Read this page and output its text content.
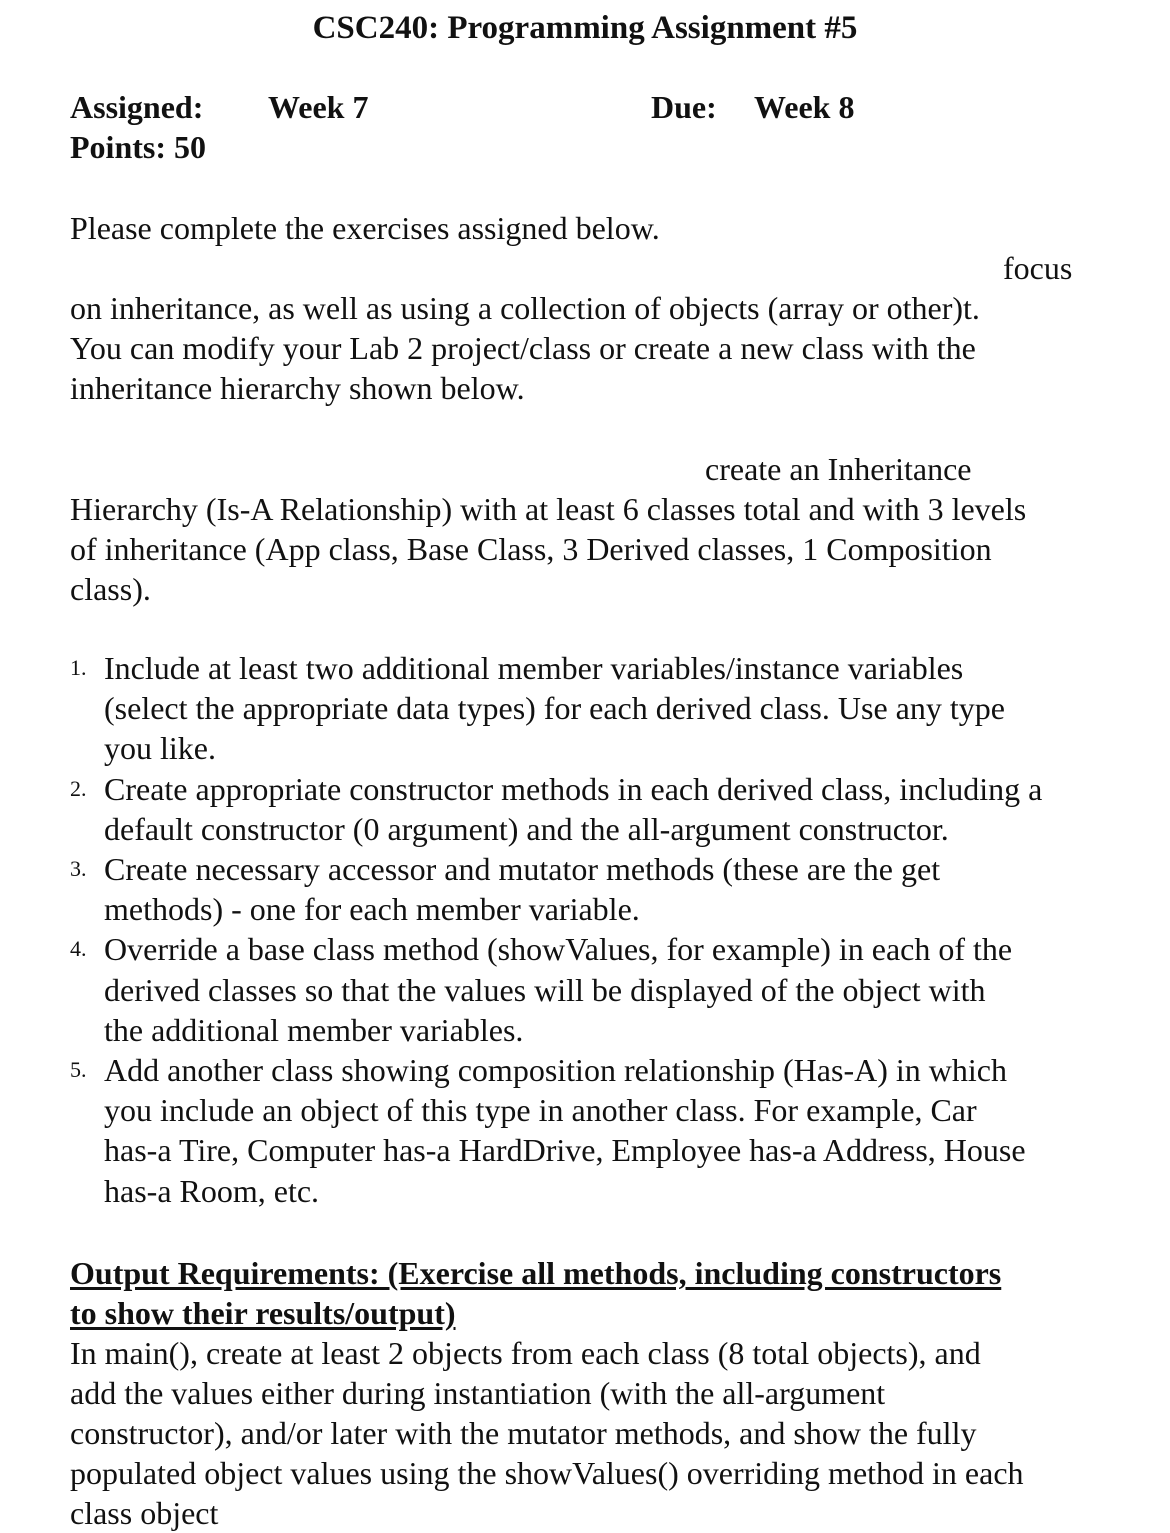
CSC240: Programming Assignment #5
Assigned: Week 7	Due: Week 8
Points: 50
Please complete the exercises assigned below.
focus
on inheritance, as well as using a collection of objects (array or other)t.
You can modify your Lab 2 project/class or create a new class with the
inheritance hierarchy shown below.
create an Inheritance
Hierarchy (Is-A Relationship) with at least 6 classes total and with 3 levels
of inheritance (App class, Base Class, 3 Derived classes, 1 Composition
class).
1. Include at least two additional member variables/instance variables
(select the appropriate data types) for each derived class. Use any type
you like.
2. Create appropriate constructor methods in each derived class, including a
default constructor (0 argument) and the all-argument constructor.
3. Create necessary accessor and mutator methods (these are the get
methods) - one for each member variable.
4. Override a base class method (showValues, for example) in each of the
derived classes so that the values will be displayed of the object with
the additional member variables.
5. Add another class showing composition relationship (Has-A) in which
you include an object of this type in another class. For example, Car
has-a Tire, Computer has-a HardDrive, Employee has-a Address, House
has-a Room, etc.
Output Requirements: (Exercise all methods, including constructors
to show their results/output)
In main(), create at least 2 objects from each class (8 total objects), and
add the values either during instantiation (with the all-argument
constructor), and/or later with the mutator methods, and show the fully
populated object values using the showValues() overriding method in each
class object
